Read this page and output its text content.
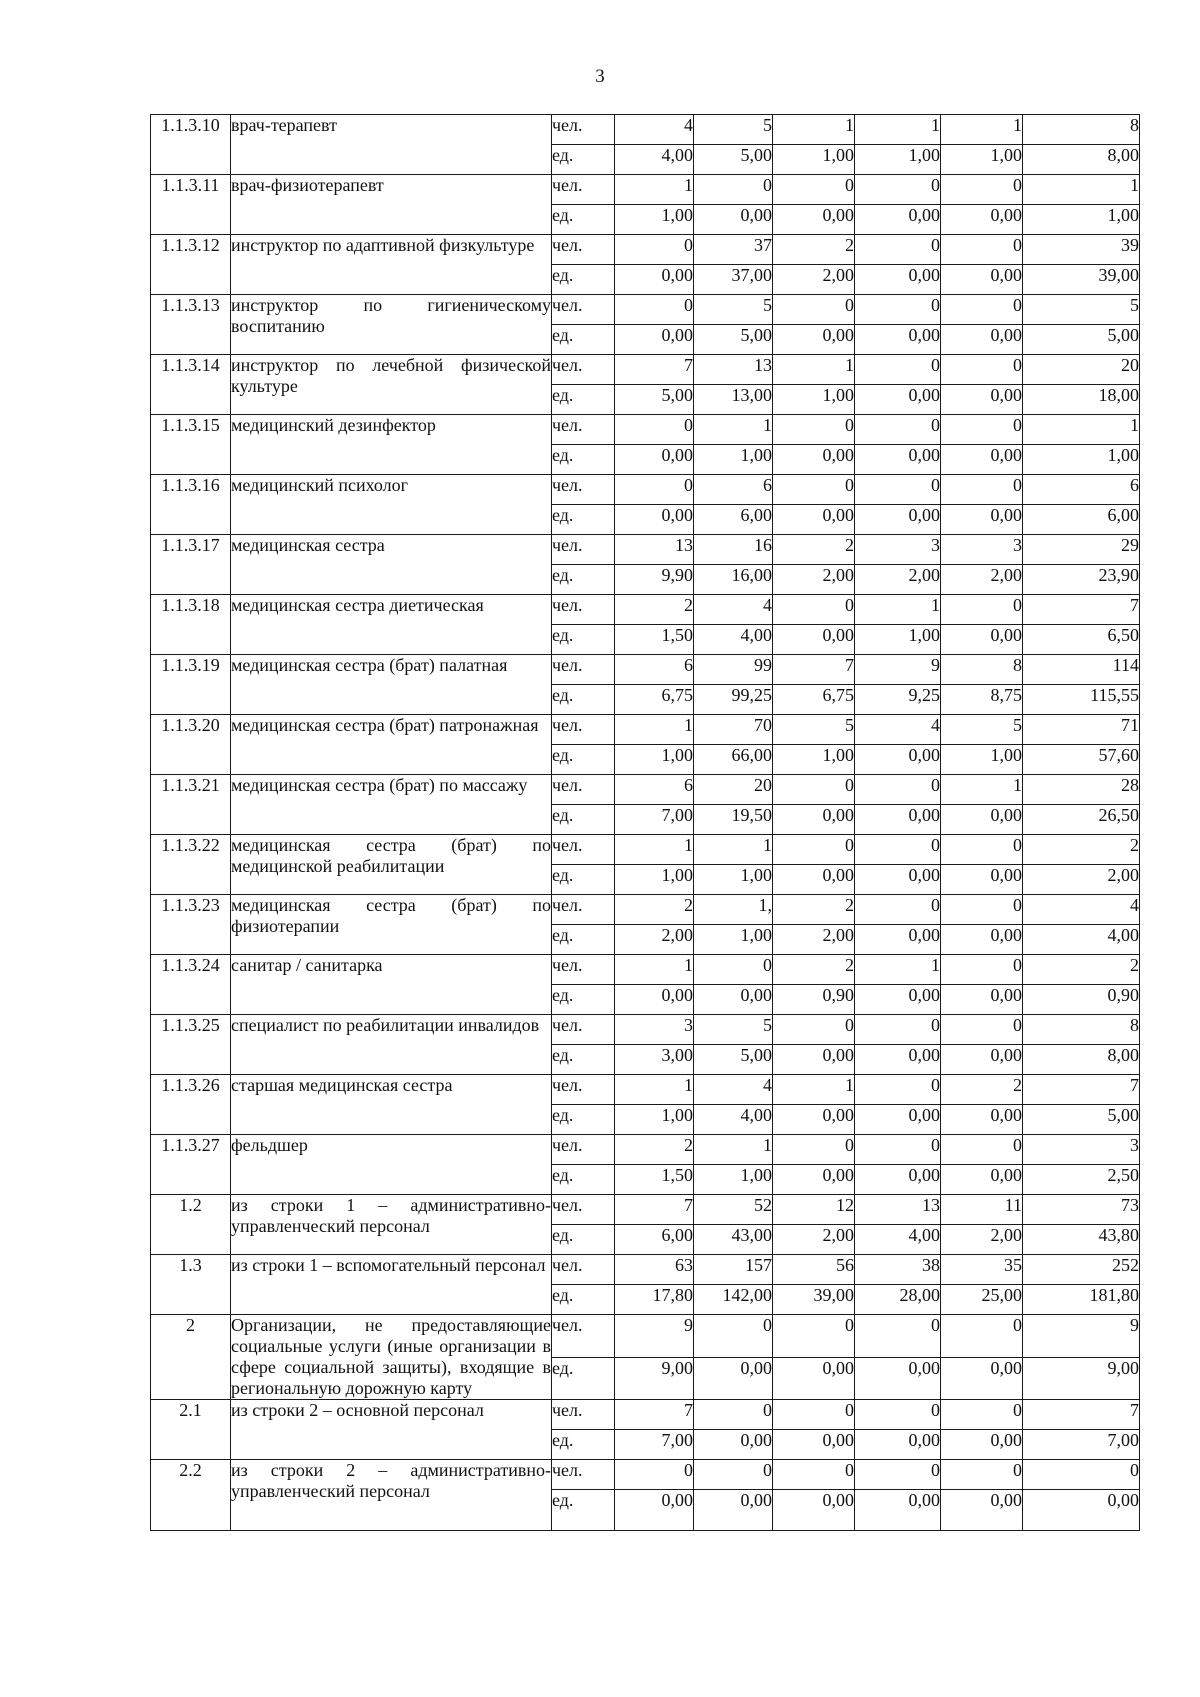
3
1.1.3.10	врач-терапевт	чел.	4	5	1	1	1	8
		ед.	4,00	5,00	1,00	1,00	1,00	8,00
1.1.3.11	врач-физиотерапевт	чел.	1	0	0	0	0	1
		ед.	1,00	0,00	0,00	0,00	0,00	1,00
1.1.3.12	инструктор по адаптивной физкультуре	чел.	0	37	2	0	0	39
		ед.	0,00	37,00	2,00	0,00	0,00	39,00
1.1.3.13	инструктор по гигиеническому воспитанию	чел.	0	5	0	0	0	5
		ед.	0,00	5,00	0,00	0,00	0,00	5,00
1.1.3.14	инструктор по лечебной физической культуре	чел.	7	13	1	0	0	20
		ед.	5,00	13,00	1,00	0,00	0,00	18,00
1.1.3.15	медицинский дезинфектор	чел.	0	1	0	0	0	1
		ед.	0,00	1,00	0,00	0,00	0,00	1,00
1.1.3.16	медицинский психолог	чел.	0	6	0	0	0	6
		ед.	0,00	6,00	0,00	0,00	0,00	6,00
1.1.3.17	медицинская сестра	чел.	13	16	2	3	3	29
		ед.	9,90	16,00	2,00	2,00	2,00	23,90
1.1.3.18	медицинская сестра диетическая	чел.	2	4	0	1	0	7
		ед.	1,50	4,00	0,00	1,00	0,00	6,50
1.1.3.19	медицинская сестра (брат) палатная	чел.	6	99	7	9	8	114
		ед.	6,75	99,25	6,75	9,25	8,75	115,55
1.1.3.20	медицинская сестра (брат) патронажная	чел.	1	70	5	4	5	71
		ед.	1,00	66,00	1,00	0,00	1,00	57,60
1.1.3.21	медицинская сестра (брат) по массажу	чел.	6	20	0	0	1	28
		ед.	7,00	19,50	0,00	0,00	0,00	26,50
1.1.3.22	медицинская сестра (брат) по медицинской реабилитации	чел.	1	1	0	0	0	2
		ед.	1,00	1,00	0,00	0,00	0,00	2,00
1.1.3.23	медицинская сестра (брат) по физиотерапии	чел.	2	1,	2	0	0	4
		ед.	2,00	1,00	2,00	0,00	0,00	4,00
1.1.3.24	санитар / санитарка	чел.	1	0	2	1	0	2
		ед.	0,00	0,00	0,90	0,00	0,00	0,90
1.1.3.25	специалист по реабилитации инвалидов	чел.	3	5	0	0	0	8
		ед.	3,00	5,00	0,00	0,00	0,00	8,00
1.1.3.26	старшая медицинская сестра	чел.	1	4	1	0	2	7
		ед.	1,00	4,00	0,00	0,00	0,00	5,00
1.1.3.27	фельдшер	чел.	2	1	0	0	0	3
		ед.	1,50	1,00	0,00	0,00	0,00	2,50
1.2	из строки 1 – административно-управленческий персонал	чел.	7	52	12	13	11	73
		ед.	6,00	43,00	2,00	4,00	2,00	43,80
1.3	из строки 1 – вспомогательный персонал	чел.	63	157	56	38	35	252
		ед.	17,80	142,00	39,00	28,00	25,00	181,80
2	Организации, не предоставляющие социальные услуги (иные организации в сфере социальной защиты), входящие в региональную дорожную карту	чел.	9	0	0	0	0	9
		ед.	9,00	0,00	0,00	0,00	0,00	9,00
2.1	из строки 2 – основной персонал	чел.	7	0	0	0	0	7
		ед.	7,00	0,00	0,00	0,00	0,00	7,00
2.2	из строки 2 – административно-управленческий персонал	чел.	0	0	0	0	0	0
		ед.	0,00	0,00	0,00	0,00	0,00	0,00
